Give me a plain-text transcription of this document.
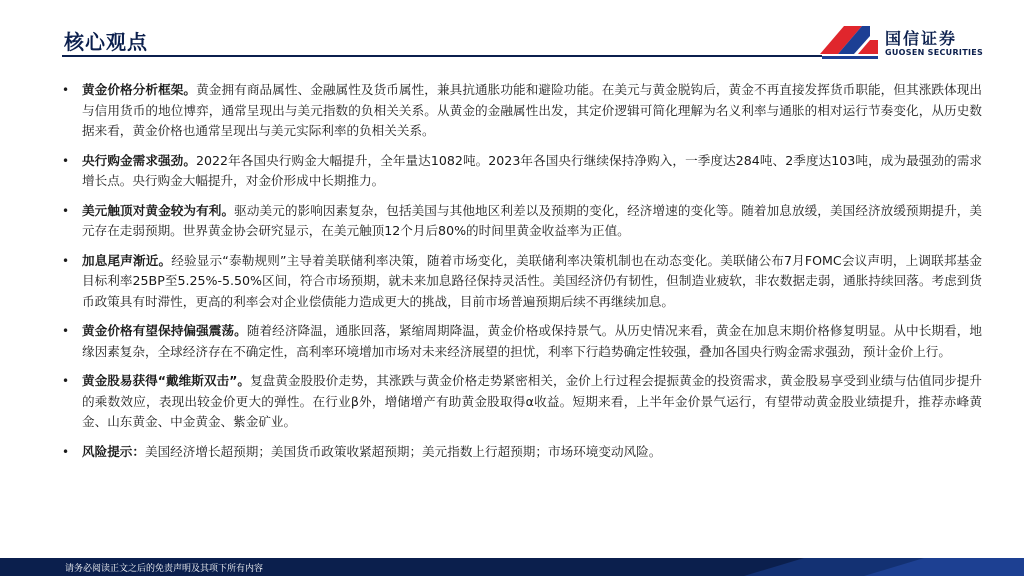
核心观点	国信证券
GUOSEN SECURITIES
• 黄金价格分析框架。黄金拥有商品属性、金融属性及货币属性，兼具抗通胀功能和避险功能。在美元与黄金脱钩后，黄金不再直接发挥货币职能，但其涨跌体现出与信用货币的地位博弈，通常呈现出与美元指数的负相关关系。从黄金的金融属性出发，其定价逻辑可简化理解为名义利率与通胀的相对运行节奏变化，从历史数据来看，黄金价格也通常呈现出与美元实际利率的负相关关系。
• 央行购金需求强劲。2022年各国央行购金大幅提升，全年量达1082吨。2023年各国央行继续保持净购入，一季度达284吨、2季度达103吨，成为最强劲的需求增长点。央行购金大幅提升，对金价形成中长期推力。
• 美元触顶对黄金较为有利。驱动美元的影响因素复杂，包括美国与其他地区利差以及预期的变化，经济增速的变化等。随着加息放缓，美国经济放缓预期提升，美元存在走弱预期。世界黄金协会研究显示，在美元触顶12个月后80%的时间里黄金收益率为正值。
• 加息尾声渐近。经验显示“泰勒规则”主导着美联储利率决策，随着市场变化，美联储利率决策机制也在动态变化。美联储公布7月FOMC会议声明，上调联邦基金目标利率25BP至5.25%-5.50%区间，符合市场预期，就未来加息路径保持灵活性。美国经济仍有韧性，但制造业疲软，非农数据走弱，通胀持续回落。考虑到货币政策具有时滞性，更高的利率会对企业偿债能力造成更大的挑战，目前市场普遍预期后续不再继续加息。
• 黄金价格有望保持偏强震荡。随着经济降温，通胀回落，紧缩周期降温，黄金价格或保持景气。从历史情况来看，黄金在加息末期价格修复明显。从中长期看，地缘因素复杂，全球经济存在不确定性，高利率环境增加市场对未来经济展望的担忧，利率下行趋势确定性较强，叠加各国央行购金需求强劲，预计金价上行。
• 黄金股易获得“戴维斯双击”。复盘黄金股股价走势，其涨跌与黄金价格走势紧密相关，金价上行过程会提振黄金的投资需求，黄金股易享受到业绩与估值同步提升的乘数效应，表现出较金价更大的弹性。在行业β外，增储增产有助黄金股取得α收益。短期来看，上半年金价景气运行，有望带动黄金股业绩提升，推荐赤峰黄金、山东黄金、中金黄金、紫金矿业。
• 风险提示：美国经济增长超预期；美国货币政策收紧超预期；美元指数上行超预期；市场环境变动风险。
请务必阅读正文之后的免责声明及其项下所有内容
